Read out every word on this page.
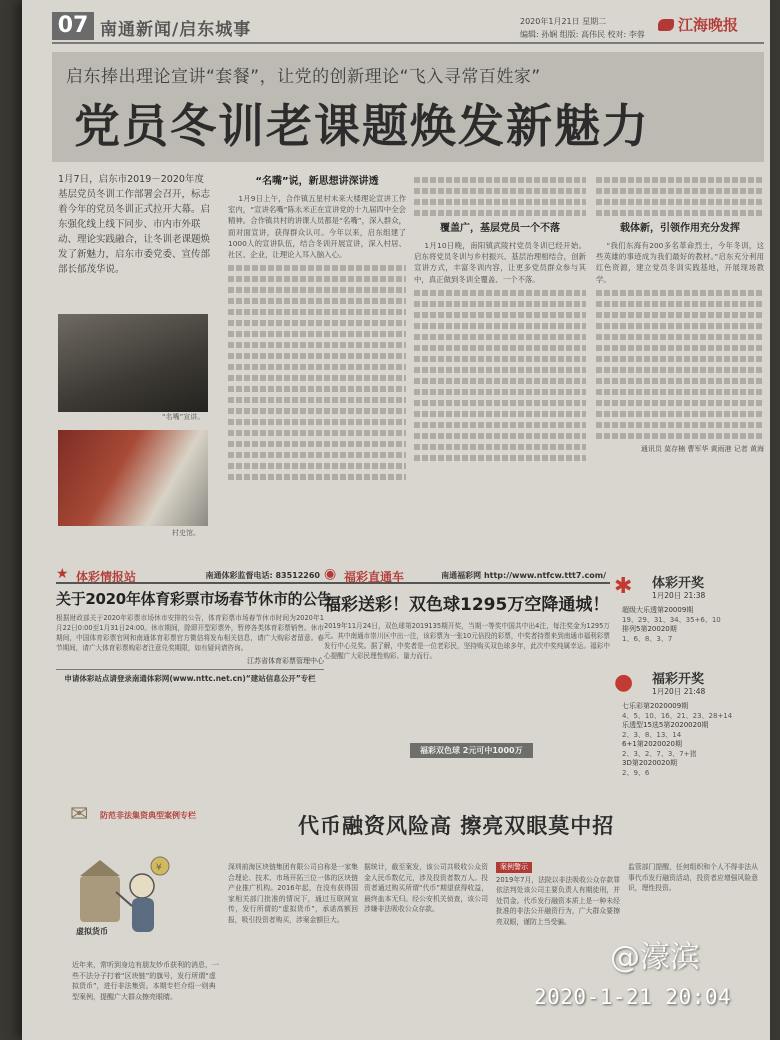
07 南通新闻/启东城事	2020年1月21日 星期二
编辑: 孙娴 组版: 高伟民 校对: 李蓉
江海晚报
启东捧出理论宣讲“套餐”，让党的创新理论“飞入寻常百姓家”
党员冬训老课题焕发新魅力
1月7日，启东市2019－2020年度基层党员冬训工作部署会召开，标志着今年的党员冬训正式拉开大幕。启东强化线上线下同步、市内市外联动、理论实践融合，让冬训老课题焕发了新魅力，启东市委党委、宣传部部长郁茂华说。
“名嘴”宣讲。
村史馆。
“名嘴”说，新思想讲深讲透

1月9日上午，合作镇五星村未来大楼理论宣讲工作室内，“宣讲名嘴”陈永米正在宣讲党的十九届四中全会精神。合作镇共村的讲课人员都是“名嘴”，深入群众，面对面宣讲，获得群众认可。今年以来，启东组建了1000人的宣讲队伍，结合冬训开展宣讲，深入村居、社区、企业，让理论入耳入脑入心。

覆盖广，基层党员一个不落

1月10日晚，南阳镇武陵村党员冬训已经开始。启东将党员冬训与乡村振兴、基层治理相结合，创新宣讲方式，丰富冬训内容，让更多党员群众参与其中，真正做到冬训全覆盖、一个不落。

载体新，引领作用充分发挥

“我们东海有200多名革命烈士，今年冬训，这些英雄的事迹成为我们最好的教材。”启东充分利用红色资源，建立党员冬训实践基地，开展现场教学。

通讯员 莫存楠 曹军华 黄雨港 记者 黄海
★ 体彩情报站	南通体彩监督电话: 83512260
关于2020年体育彩票市场春节休市的公告
根据财政部关于2020年彩票市场休市安排的公告，体育彩票市场春节休市时间为2020年1月22日0:00至1月31日24:00。休市期间，除即开型彩票外，暂停各类体育彩票销售。休市期间，中国体育彩票官网和南通体育彩票官方微信将发布相关信息，请广大购彩者留意。春节期间，请广大体育彩票购彩者注意兑奖期限，如有疑问请咨询。
江苏省体育彩票管理中心
申请体彩站点请登录南通体彩网(www.nttc.net.cn)“建站信息公开”专栏
◉ 福彩直通车	南通福彩网 http://www.ntfcw.ttt7.com/
福彩送彩！双色球1295万空降通城！
2019年11月24日，双色球第2019135期开奖，当期一等奖中国共中出4注，每注奖金为1295万元。其中南通市崇川区中出一注，该彩票为一张10元倍投的彩票，中奖者持票来到南通市福利彩票发行中心兑奖。据了解，中奖者是一位老彩民，坚持购买双色球多年，此次中奖纯属幸运。福彩中心提醒广大彩民理性购彩、量力而行。
福彩双色球 2元可中1000万
✱ 体彩开奖
1月20日 21:38
超级大乐透第20009期
19、29、31、34、35+6、10
排列5第20020期
1、6、8、3、7
● 福彩开奖
1月20日 21:48
七乐彩第2020009期
4、5、10、16、21、23、28+14
乐透型15选5第2020020期
2、3、8、13、14
6+1第2020020期
2、3、2、7、3、7+猪
3D第2020020期
2、9、6
✉ 防范非法集资典型案例专栏	代币融资风险高 擦亮双眼莫中招
¥
虚拟货币
近年来，常听到身边有朋友炒币获利的消息，一些不法分子打着“区块链”的旗号，发行所谓“虚拟货币”，进行非法集资。本期专栏介绍一则典型案例，提醒广大群众擦亮眼睛。
深圳前海区块链集团有限公司自称是一家集合理论、技术、市场开拓三位一体的区块链产业推广机构。2016年起，在没有获得国家相关部门批准的情况下，通过互联网宣传，发行所谓的“虚拟货币”，承诺高额回报，吸引投资者购买，涉案金额巨大。
据统计，截至案发，该公司共吸收公众资金人民币数亿元，涉及投资者数万人。投资者通过购买所谓“代币”期望获得收益，最终血本无归。经公安机关侦查，该公司涉嫌非法吸收公众存款。
案例警示
2019年7月，法院以非法吸收公众存款罪依法判处该公司主要负责人有期徒刑，并处罚金。代币发行融资本质上是一种未经批准的非法公开融资行为，广大群众要擦亮双眼，谨防上当受骗。
监管部门提醒，任何组织和个人不得非法从事代币发行融资活动，投资者应增强风险意识，理性投资。
@濠滨
2020-1-21 20:04
